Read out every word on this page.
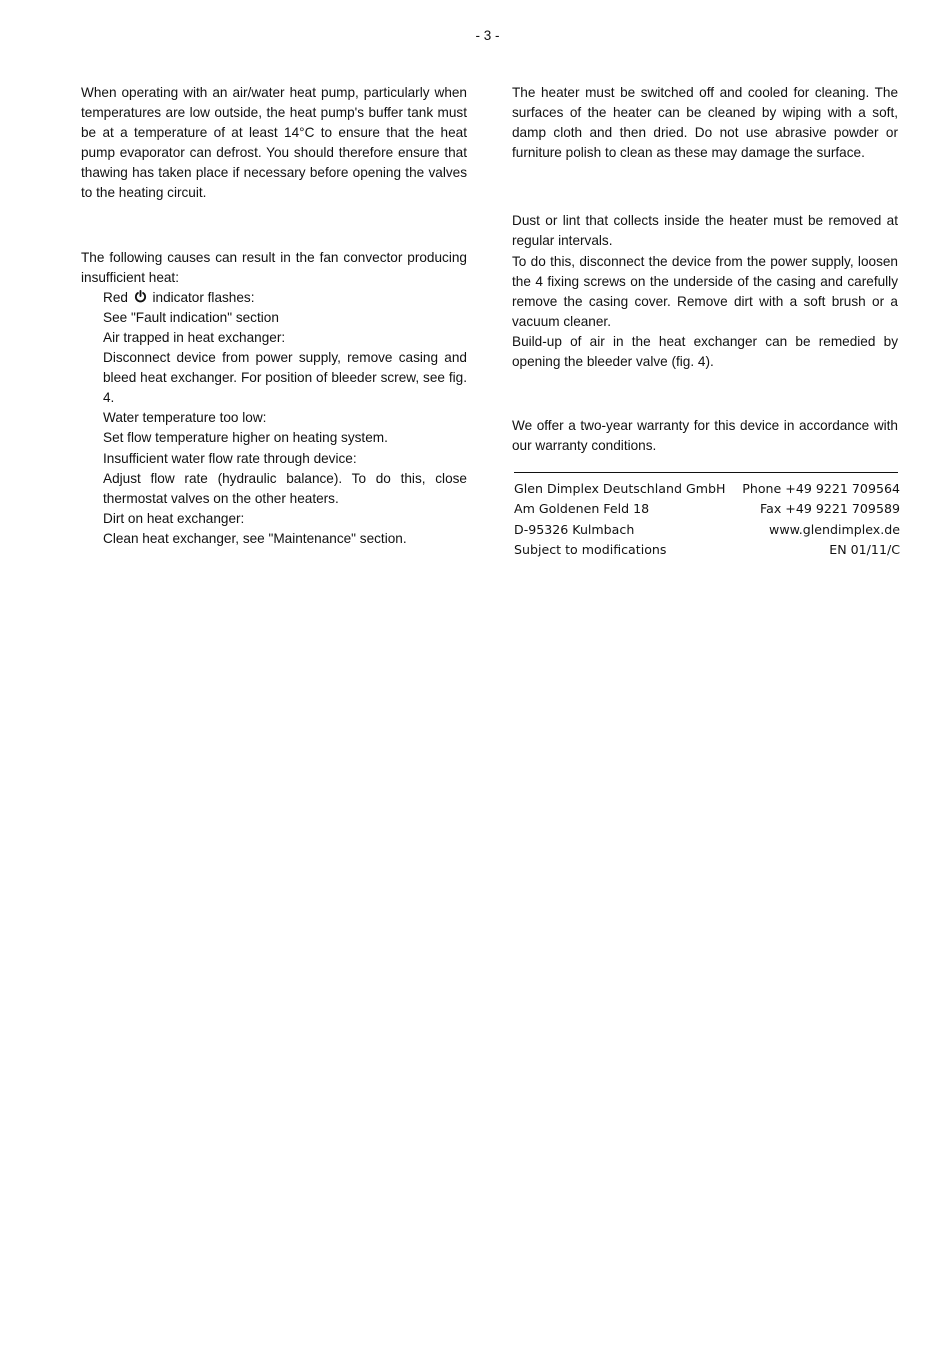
- 3 -

When operating with an air/water heat pump, particularly when temperatures are low outside, the heat pump's buffer tank must be at a temperature of at least 14°C to ensure that the heat pump evaporator can defrost. You should therefore ensure that thawing has taken place if necessary before opening the valves to the heating circuit.

The following causes can result in the fan convector producing insufficient heat:

Red indicator flashes:
See "Fault indication" section
Air trapped in heat exchanger:
Disconnect device from power supply, remove casing and bleed heat exchanger. For position of bleeder screw, see fig. 4.
Water temperature too low:
Set flow temperature higher on heating system.
Insufficient water flow rate through device:
Adjust flow rate (hydraulic balance). To do this, close thermostat valves on the other heaters.
Dirt on heat exchanger:
Clean heat exchanger, see "Maintenance" section.

The heater must be switched off and cooled for cleaning. The surfaces of the heater can be cleaned by wiping with a soft, damp cloth and then dried. Do not use abrasive powder or furniture polish to clean as these may damage the surface.

Dust or lint that collects inside the heater must be removed at regular intervals.

To do this, disconnect the device from the power supply, loosen the 4 fixing screws on the underside of the casing and carefully remove the casing cover. Remove dirt with a soft brush or a vacuum cleaner.

Build-up of air in the heat exchanger can be remedied by opening the bleeder valve (fig. 4).

We offer a two-year warranty for this device in accordance with our warranty conditions.

Glen Dimplex Deutschland GmbH Phone +49 9221 709564
Am Goldenen Feld 18	Fax +49 9221 709589
D-95326 Kulmbach	www.glendimplex.de
Subject to modifications	EN 01/11/C
